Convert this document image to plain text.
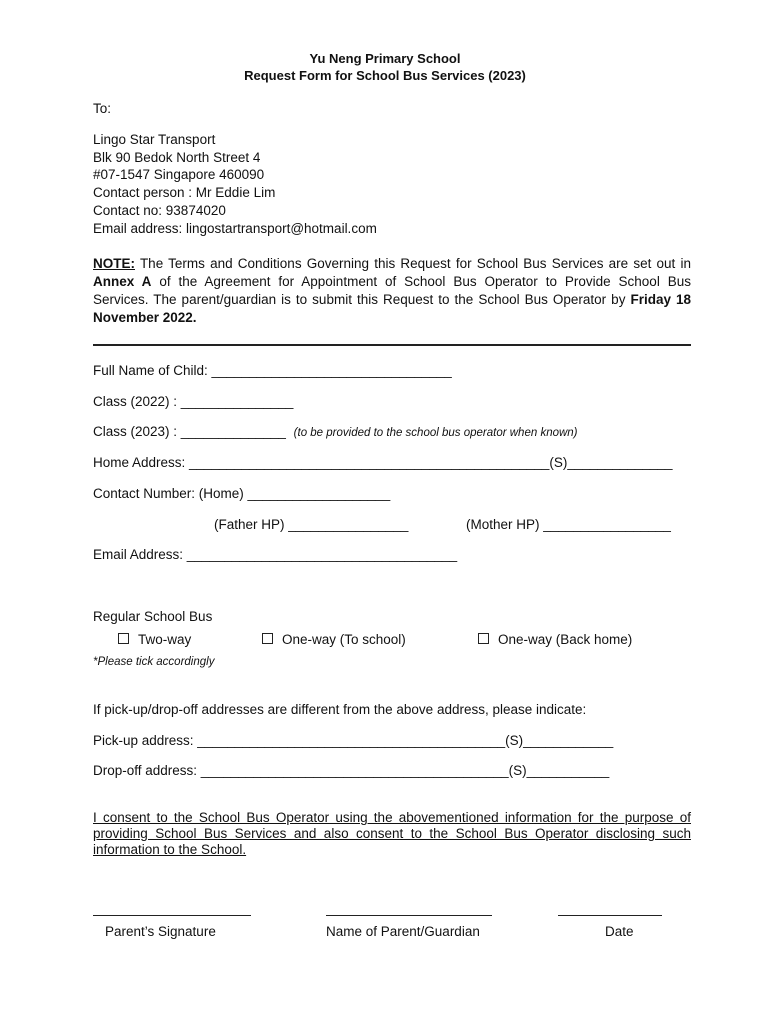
Yu Neng Primary School
Request Form for School Bus Services (2023)
To:
Lingo Star Transport
Blk 90 Bedok North Street 4
#07-1547 Singapore 460090
Contact person : Mr Eddie Lim
Contact no: 93874020
Email address: lingostartransport@hotmail.com
NOTE: The Terms and Conditions Governing this Request for School Bus Services are set out in Annex A of the Agreement for Appointment of School Bus Operator to Provide School Bus Services. The parent/guardian is to submit this Request to the School Bus Operator by Friday 18 November 2022.
Full Name of Child: ________________________________
Class (2022) : _______________
Class (2023) : ______________ (to be provided to the school bus operator when known)
Home Address: ________________________________________________(S)______________
Contact Number: (Home) ___________________
(Father HP) ________________	(Mother HP) _________________
Email Address: ____________________________________
Regular School Bus
Two-way	One-way (To school)	One-way (Back home)
*Please tick accordingly
If pick-up/drop-off addresses are different from the above address, please indicate:
Pick-up address: _________________________________________(S)____________
Drop-off address: _________________________________________(S)___________
I consent to the School Bus Operator using the abovementioned information for the purpose of providing School Bus Services and also consent to the School Bus Operator disclosing such information to the School.
Parent’s Signature	Name of Parent/Guardian	Date
